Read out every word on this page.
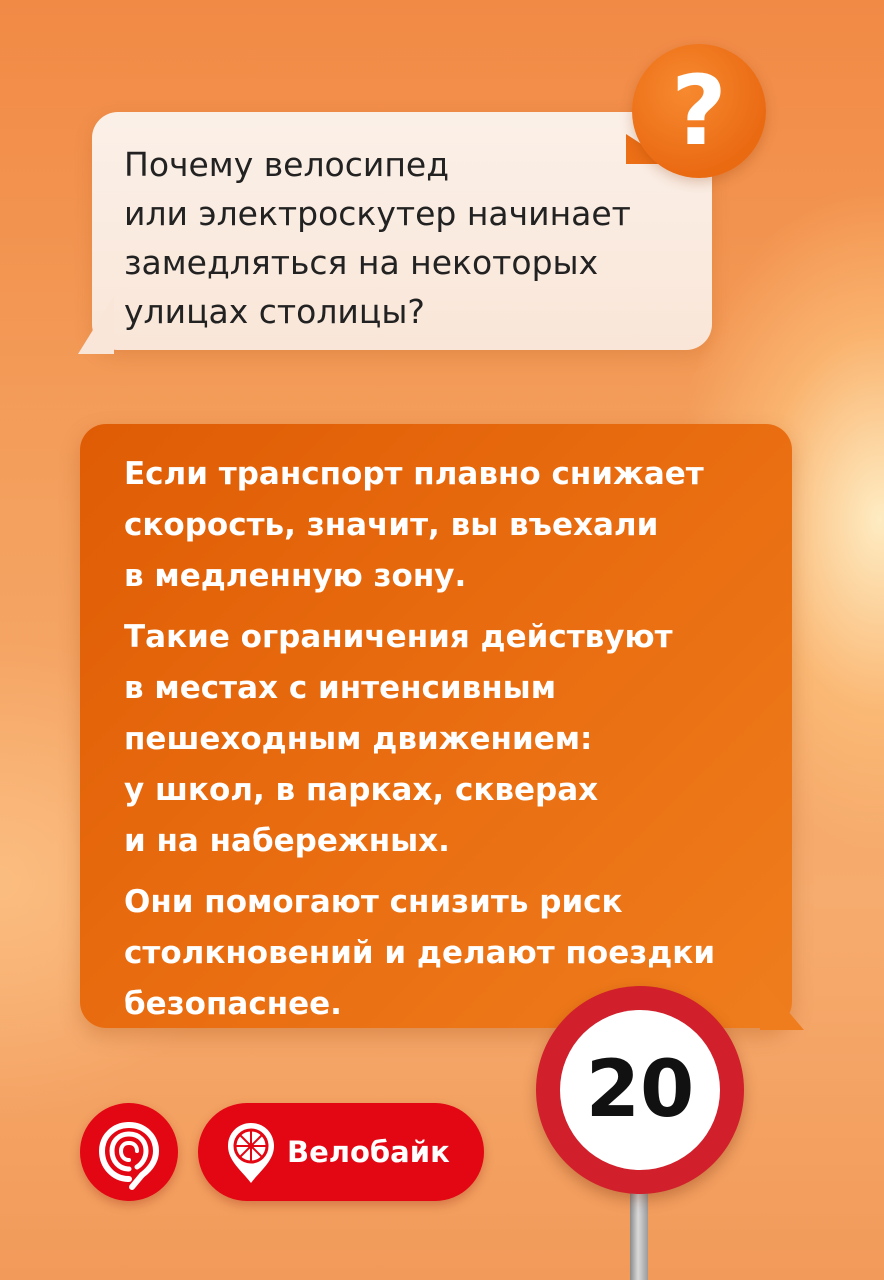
Почему велосипед
или электроскутер начинает
замедляться на некоторых
улицах столицы?
?

Если транспорт плавно снижает
скорость, значит, вы въехали
в медленную зону.

Такие ограничения действуют
в местах с интенсивным
пешеходным движением:
у школ, в парках, скверах
и на набережных.

Они помогают снизить риск
столкновений и делают поездки
безопаснее.

Велобайк
20
